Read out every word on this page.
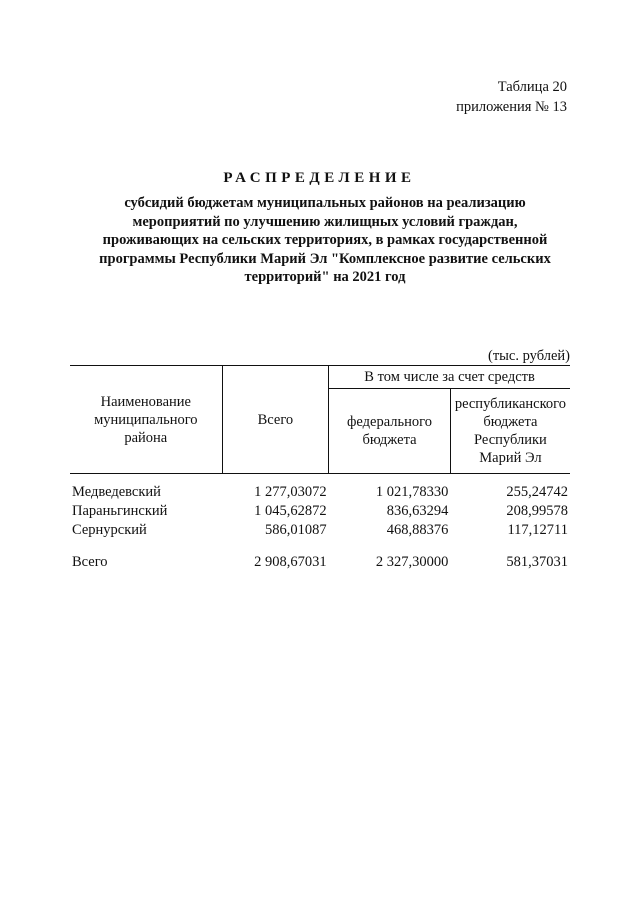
Таблица 20
приложения № 13
РАСПРЕДЕЛЕНИЕ
субсидий бюджетам муниципальных районов на реализацию
мероприятий по улучшению жилищных условий граждан,
проживающих на сельских территориях, в рамках государственной
программы Республики Марий Эл "Комплексное развитие сельских
территорий" на 2021 год
(тыс. рублей)
Наименование муниципального района	Всего	В том числе за счет средств	
		федерального бюджета	республиканского бюджета Республики Марий Эл
Медведевский	1 277,03072	1 021,78330	255,24742
Параньгинский	1 045,62872	836,63294	208,99578
Сернурский	586,01087	468,88376	117,12711
Всего	2 908,67031	2 327,30000	581,37031
